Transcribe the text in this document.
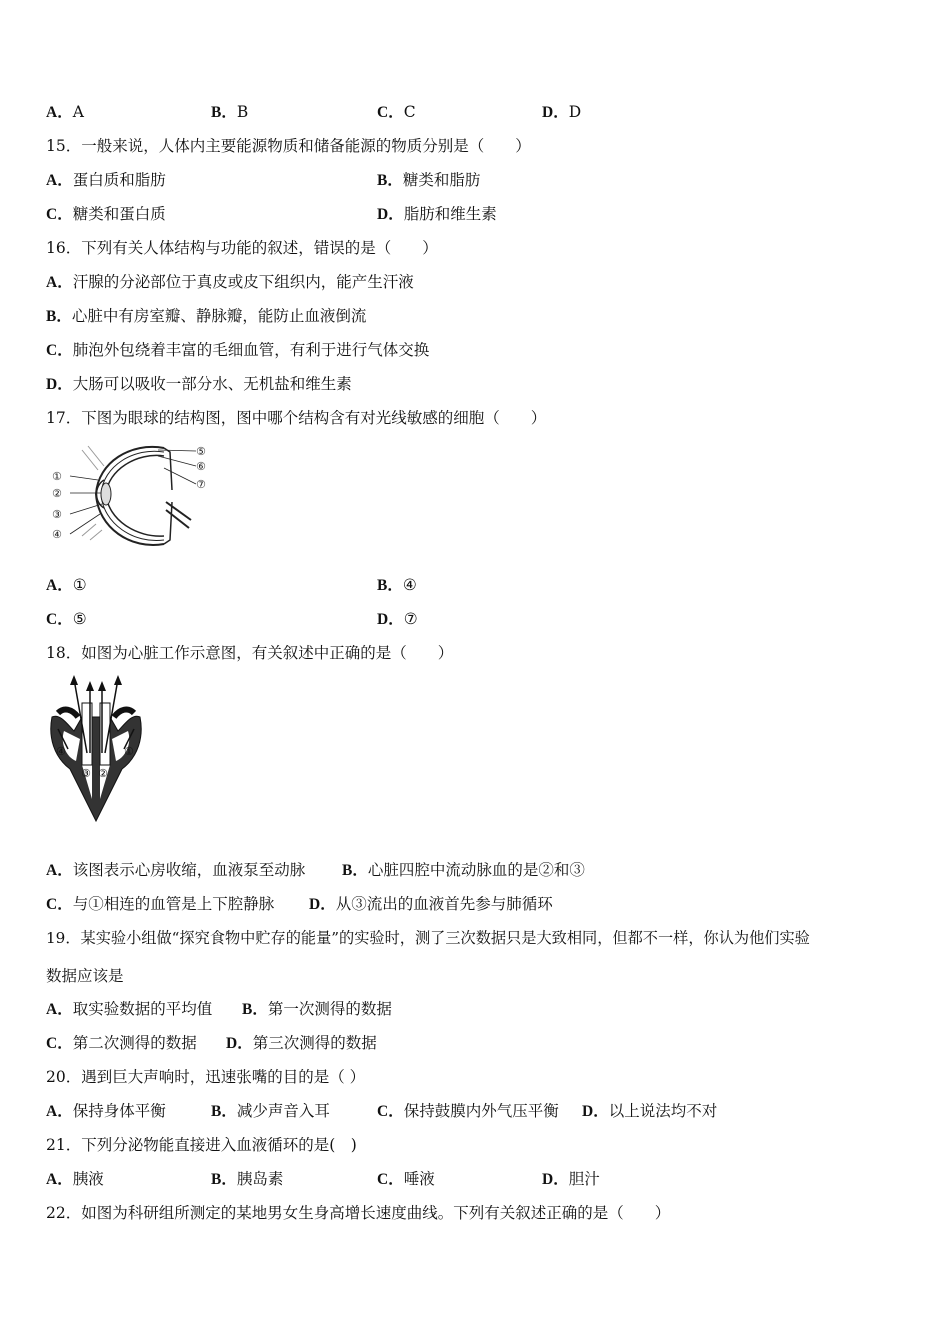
A．A	B．B	C．C	D．D
15．一般来说，人体内主要能源物质和储备能源的物质分别是（　　）
A．蛋白质和脂肪	B．糖类和脂肪
C．糖类和蛋白质	D．脂肪和维生素
16．下列有关人体结构与功能的叙述，错误的是（　　）
A．汗腺的分泌部位于真皮或皮下组织内，能产生汗液
B．心脏中有房室瓣、静脉瓣，能防止血液倒流
C．肺泡外包绕着丰富的毛细血管，有利于进行气体交换
D．大肠可以吸收一部分水、无机盐和维生素
17．下图为眼球的结构图，图中哪个结构含有对光线敏感的细胞（　　）
①
②
③
④
⑤
⑥
⑦
A．①	B．④
C．⑤	D．⑦
18．如图为心脏工作示意图，有关叙述中正确的是（　　）
④
③ ②
①
A．该图表示心房收缩，血液泵至动脉 B．心脏四腔中流动脉血的是②和③
C．与①相连的血管是上下腔静脉 D．从③流出的血液首先参与肺循环
19．某实验小组做“探究食物中贮存的能量”的实验时，测了三次数据只是大致相同，但都不一样，你认为他们实验
数据应该是
A．取实验数据的平均值 B．第一次测得的数据
C．第二次测得的数据 D．第三次测得的数据
20．遇到巨大声响时，迅速张嘴的目的是（ ）
A．保持身体平衡	B．减少声音入耳	C．保持鼓膜内外气压平衡 D．以上说法均不对
21．下列分泌物能直接进入血液循环的是(　)
A．胰液	B．胰岛素	C．唾液	D．胆汁
22．如图为科研组所测定的某地男女生身高增长速度曲线。下列有关叙述正确的是（　　）
